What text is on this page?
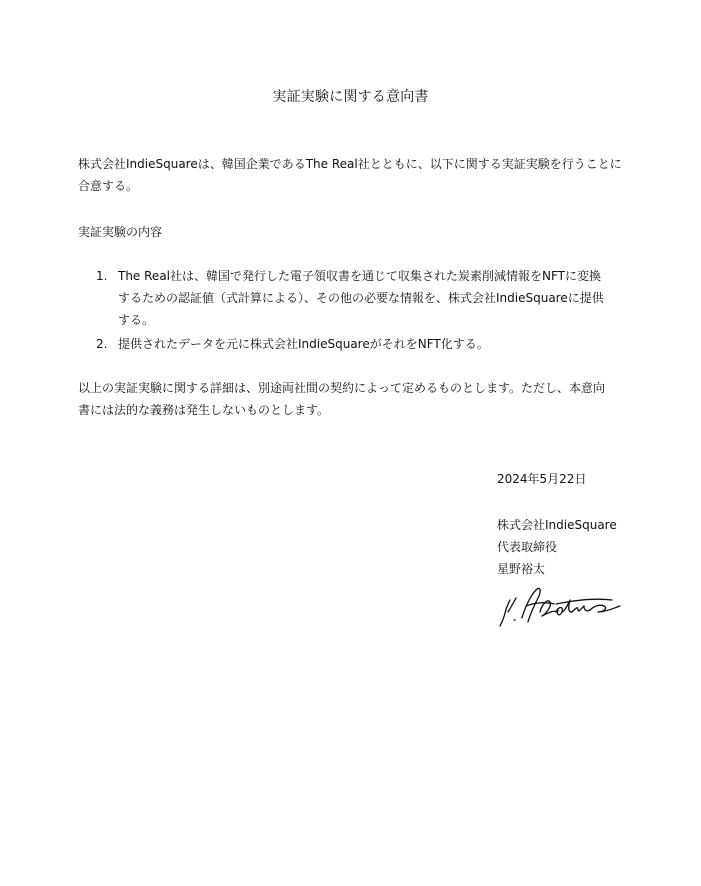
実証実験に関する意向書
株式会社IndieSquareは、韓国企業であるThe Real社とともに、以下に関する実証実験を行うことに
合意する。
実証実験の内容
1. The Real社は、韓国で発行した電子領収書を通じて収集された炭素削減情報をNFTに変換
するための認証値（式計算による）、その他の必要な情報を、株式会社IndieSquareに提供
する。
2. 提供されたデータを元に株式会社IndieSquareがそれをNFT化する。
以上の実証実験に関する詳細は、別途両社間の契約によって定めるものとします。ただし、本意向
書には法的な義務は発生しないものとします。
2024年5月22日
株式会社IndieSquare
代表取締役
星野裕太
